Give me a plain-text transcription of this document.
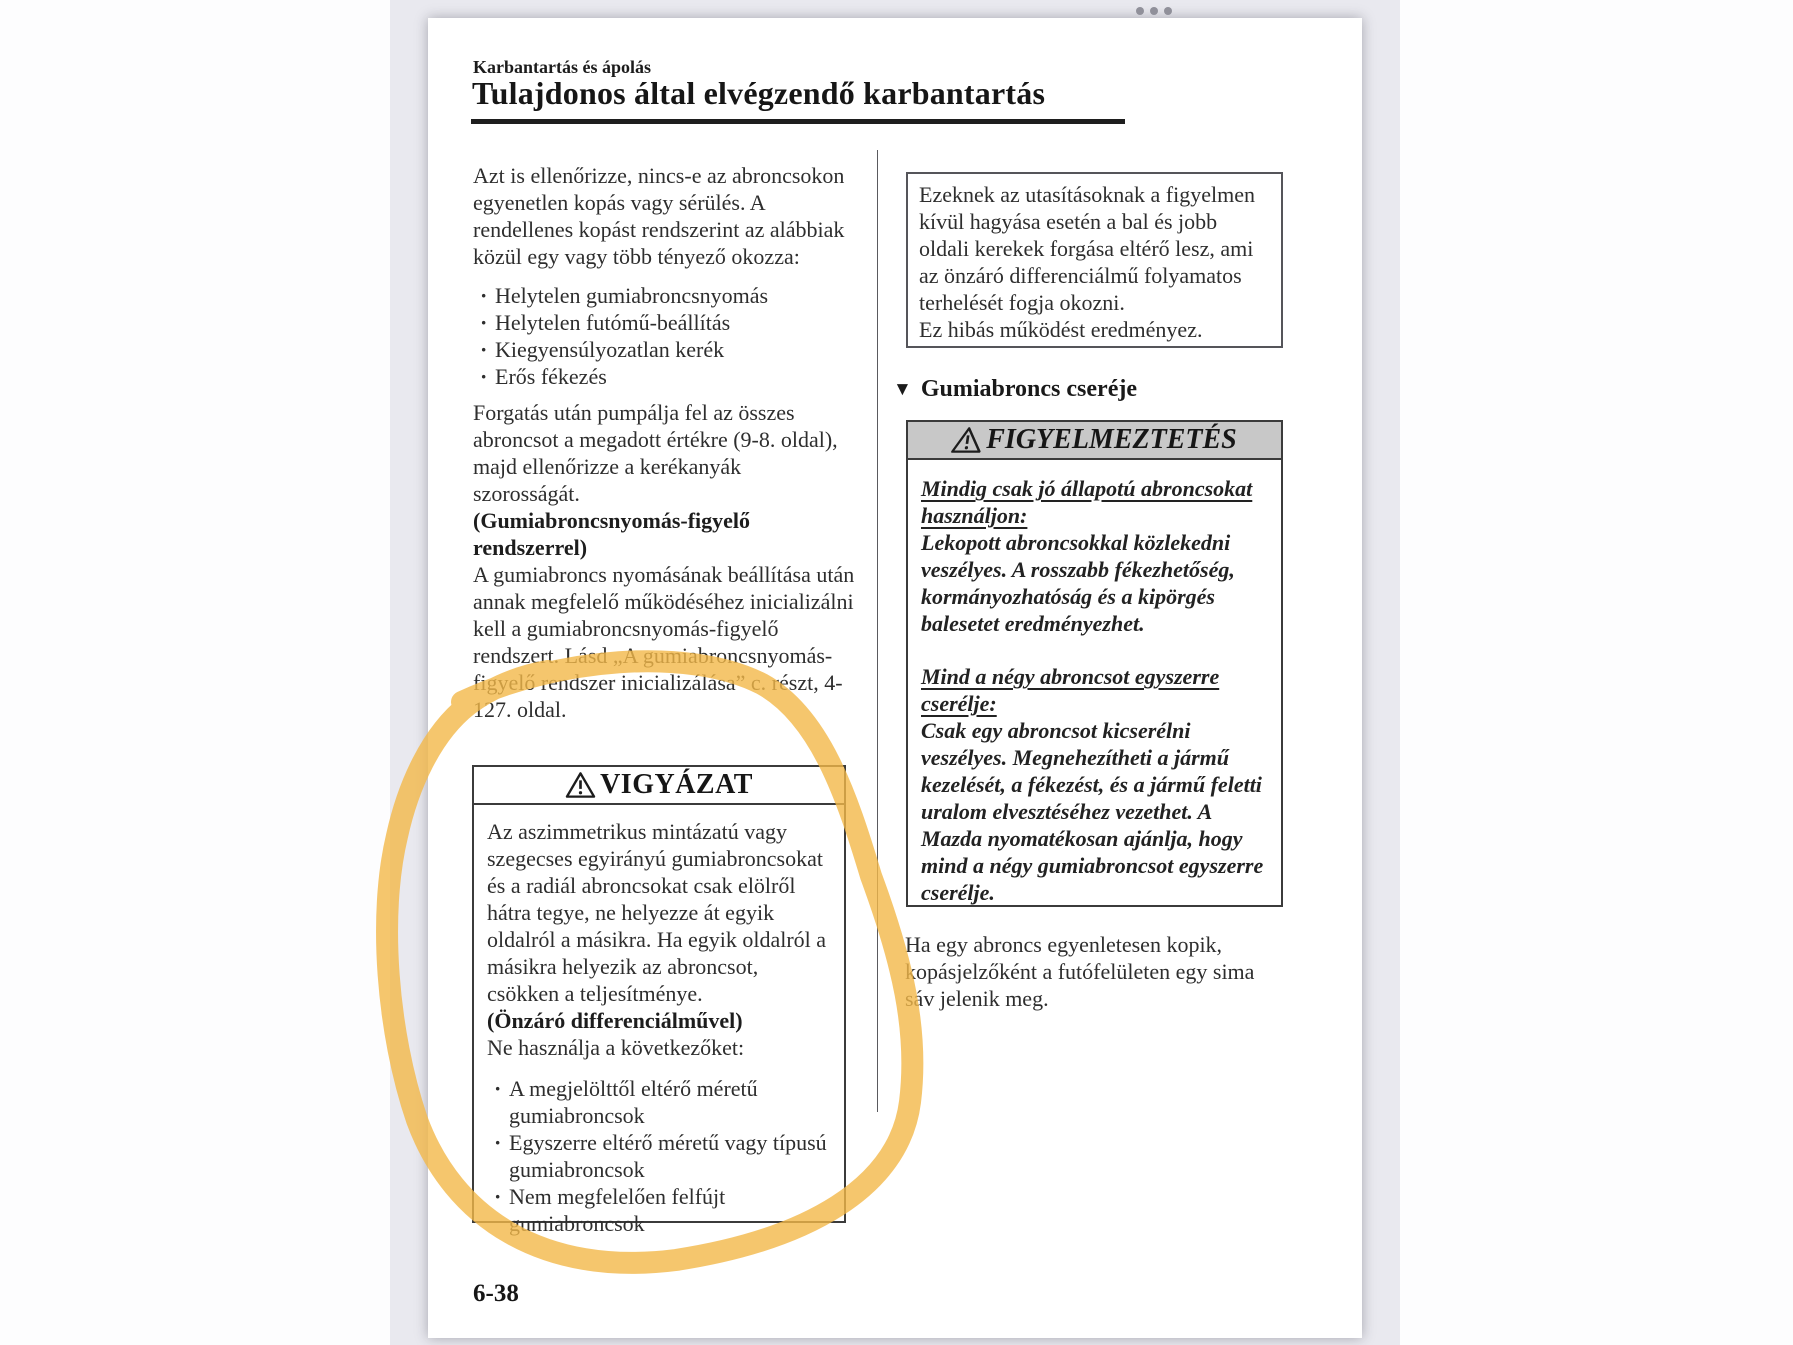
Karbantartás és ápolás
Tulajdonos által elvégzendő karbantartás

Azt is ellenőrizze, nincs-e az abroncsokon egyenetlen kopás vagy sérülés. A rendellenes kopást rendszerint az alábbiak közül egy vagy több tényező okozza:

· Helytelen gumiabroncsnyomás
· Helytelen futómű-beállítás
· Kiegyensúlyozatlan kerék
· Erős fékezés

Forgatás után pumpálja fel az összes abroncsot a megadott értékre (9-8. oldal), majd ellenőrizze a kerékanyák szorosságát.

(Gumiabroncsnyomás-figyelő rendszerrel)

A gumiabroncs nyomásának beállítása után annak megfelelő működéséhez inicializálni kell a gumiabroncsnyomás-figyelő rendszert. Lásd „A gumiabroncsnyomás-figyelő rendszer inicializálása” c. részt, 4-127. oldal.

VIGYÁZAT

Az aszimmetrikus mintázatú vagy szegecses egyirányú gumiabroncsokat és a radiál abroncsokat csak elölről hátra tegye, ne helyezze át egyik oldalról a másikra. Ha egyik oldalról a másikra helyezik az abroncsot, csökken a teljesítménye.

(Önzáró differenciálművel)

Ne használja a következőket:

· A megjelölttől eltérő méretű gumiabroncsok
· Egyszerre eltérő méretű vagy típusú gumiabroncsok
· Nem megfelelően felfújt gumiabroncsok

Ezeknek az utasításoknak a figyelmen kívül hagyása esetén a bal és jobb oldali kerekek forgása eltérő lesz, ami az önzáró differenciálmű folyamatos terhelését fogja okozni.

Ez hibás működést eredményez.

▼ Gumiabroncs cseréje
FIGYELMEZTETÉS
Mindig csak jó állapotú abroncsokat használjon:
Lekopott abroncsokkal közlekedni veszélyes. A rosszabb fékezhetőség, kormányozhatóság és a kipörgés balesetet eredményezhet.
Mind a négy abroncsot egyszerre cserélje:
Csak egy abroncsot kicserélni veszélyes. Megnehezítheti a jármű kezelését, a fékezést, és a jármű feletti uralom elvesztéséhez vezethet. A Mazda nyomatékosan ajánlja, hogy mind a négy gumiabroncsot egyszerre cserélje.

Ha egy abroncs egyenletesen kopik, kopásjelzőként a futófelületen egy sima sáv jelenik meg.

6-38
